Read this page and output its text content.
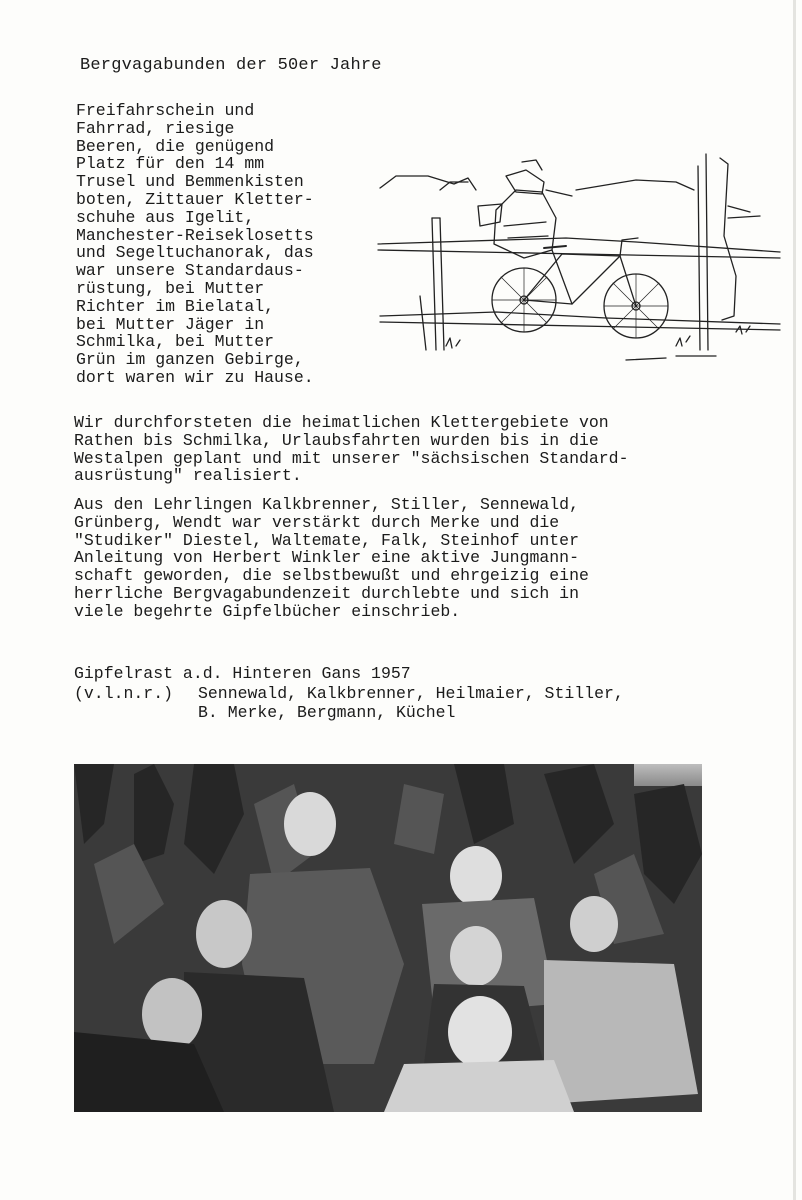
Bergvagabunden der 50er Jahre
Freifahrschein und
Fahrrad, riesige
Beeren, die genügend
Platz für den 14 mm
Trusel und Bemmenkisten
boten, Zittauer Kletter-
schuhe aus Igelit,
Manchester-Reiseklosetts
und Segeltuchanorak, das
war unsere Standardaus-
rüstung, bei Mutter
Richter im Bielatal,
bei Mutter Jäger in
Schmilka, bei Mutter
Grün im ganzen Gebirge,
dort waren wir zu Hause.
Wir durchforsteten die heimatlichen Klettergebiete von
Rathen bis Schmilka, Urlaubsfahrten wurden bis in die
Westalpen geplant und mit unserer "sächsischen Standard-
ausrüstung" realisiert.
Aus den Lehrlingen Kalkbrenner, Stiller, Sennewald,
Grünberg, Wendt war verstärkt durch Merke und die
"Studiker" Diestel, Waltemate, Falk, Steinhof unter
Anleitung von Herbert Winkler eine aktive Jungmann-
schaft geworden, die selbstbewußt und ehrgeizig eine
herrliche Bergvagabundenzeit durchlebte und sich in
viele begehrte Gipfelbücher einschrieb.
Gipfelrast a.d. Hinteren Gans 1957
(v.l.n.r.) Sennewald, Kalkbrenner, Heilmaier, Stiller,
B. Merke, Bergmann, Küchel
